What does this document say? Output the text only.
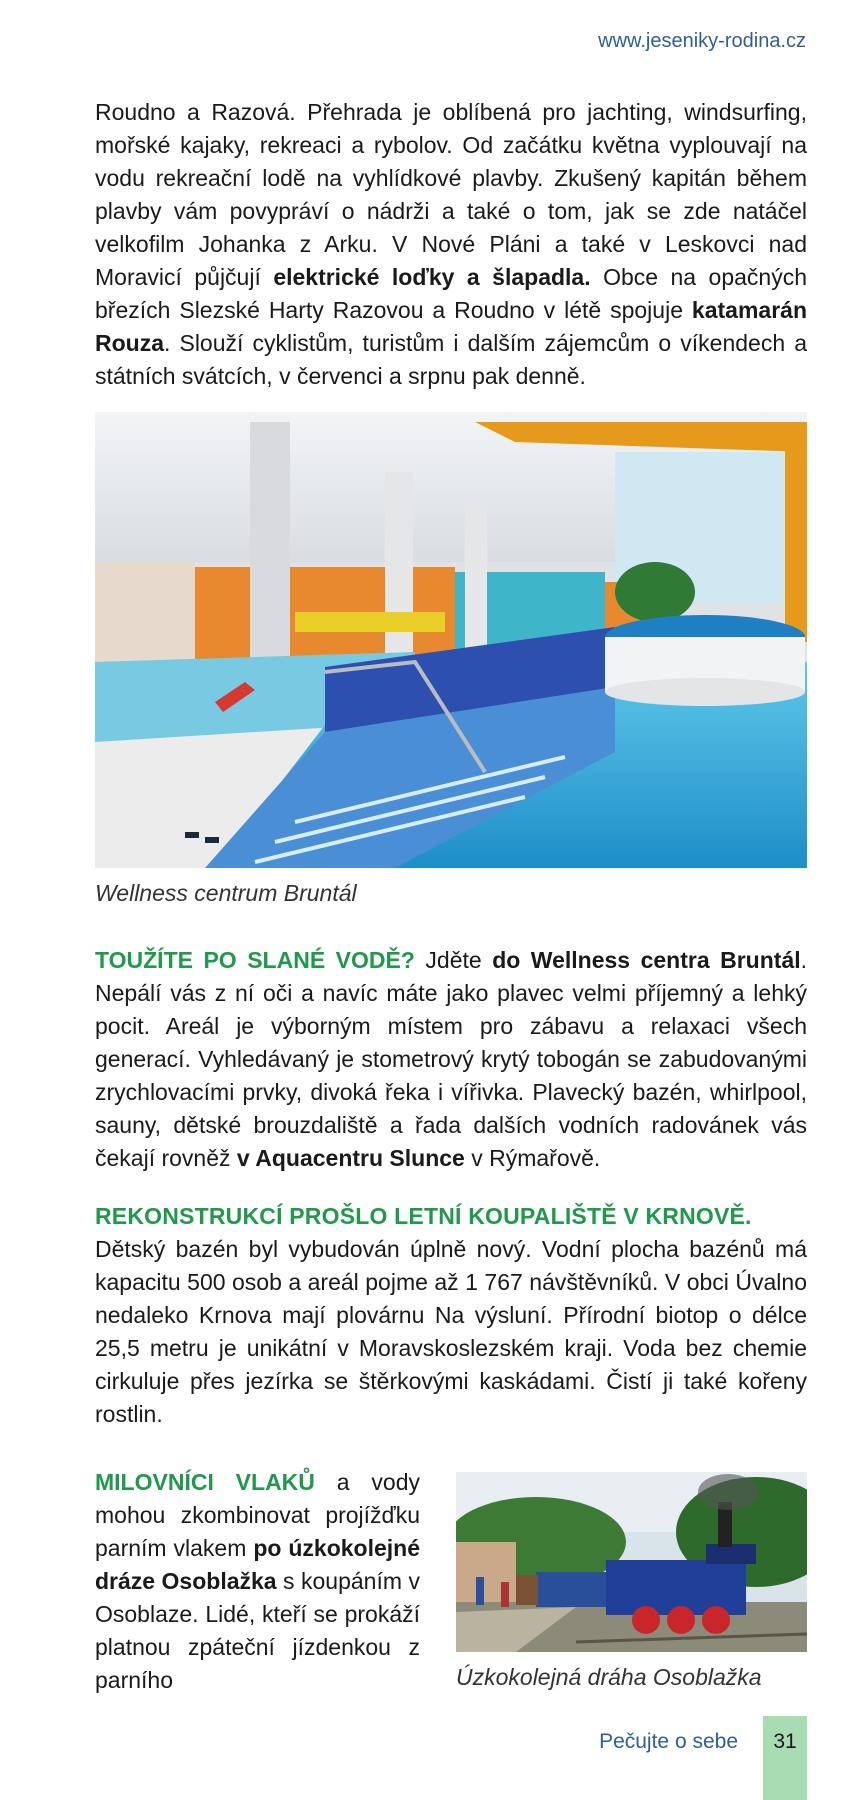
www.jeseniky-rodina.cz

Roudno a Razová. Přehrada je oblíbená pro jachting, windsurfing, mořské kajaky, rekreaci a rybolov. Od začátku května vyplouvají na vodu rekreační lodě na vyhlídkové plavby. Zkušený kapitán během plavby vám povypráví o nádrži a také o tom, jak se zde natáčel velkofilm Johanka z Arku. V Nové Pláni a také v Leskovci nad Moravicí půjčují elektrické loďky a šlapadla. Obce na opačných březích Slezské Harty Razovou a Roudno v létě spojuje katamarán Rouza. Slouží cyklistům, turistům i dalším zájemcům o víkendech a státních svátcích, v červenci a srpnu pak denně.

Wellness centrum Bruntál

TOUŽÍTE PO SLANÉ VODĚ? Jděte do Wellness centra Bruntál. Nepálí vás z ní oči a navíc máte jako plavec velmi příjemný a lehký pocit. Areál je výborným místem pro zábavu a relaxaci všech generací. Vyhledávaný je stometrový krytý tobogán se zabudovanými zrychlovacími prvky, divoká řeka i vířivka. Plavecký bazén, whirlpool, sauny, dětské brouzdaliště a řada dalších vodních radovánek vás čekají rovněž v Aquacentru Slunce v Rýmařově.

REKONSTRUKCÍ PROŠLO LETNÍ KOUPALIŠTĚ V KRNOVĚ.
Dětský bazén byl vybudován úplně nový. Vodní plocha bazénů má kapacitu 500 osob a areál pojme až 1 767 návštěvníků. V obci Úvalno nedaleko Krnova mají plovárnu Na výsluní. Přírodní biotop o délce 25,5 metru je unikátní v Moravskoslezském kraji. Voda bez chemie cirkuluje přes jezírka se štěrkovými kaskádami. Čistí ji také kořeny rostlin.

MILOVNÍCI VLAKŮ a vody mohou zkombinovat projížďku parním vlakem po úzkokolejné dráze Osoblažka s koupáním v Osoblaze. Lidé, kteří se prokáží platnou zpáteční jízdenkou z parního	Úzkokolejná dráha Osoblažka
Pečujte o sebe	31
